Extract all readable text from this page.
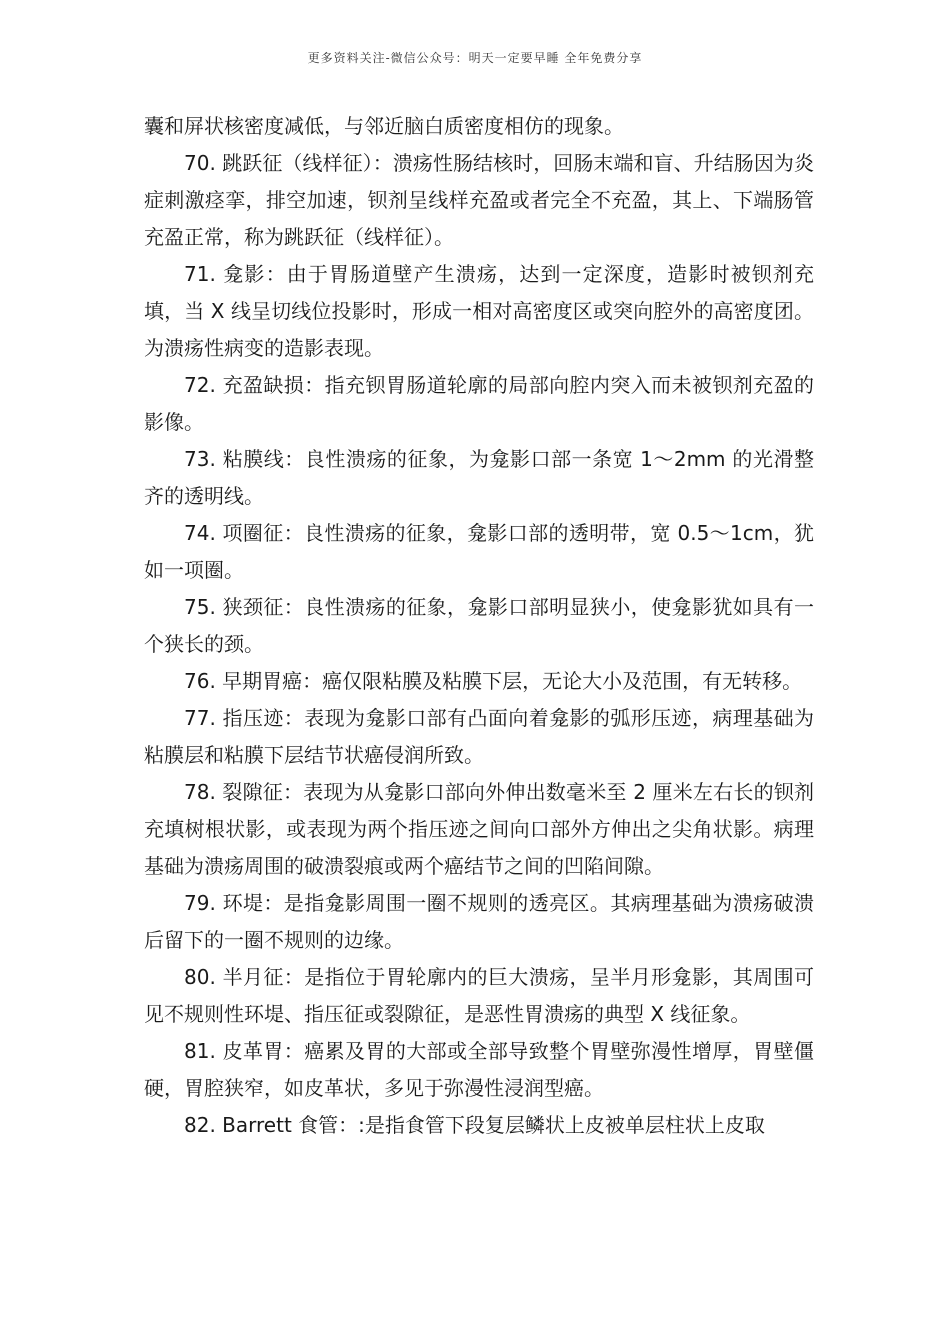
更多资料关注-微信公众号：明天一定要早睡 全年免费分享

囊和屏状核密度减低，与邻近脑白质密度相仿的现象。

70. 跳跃征（线样征）：溃疡性肠结核时，回肠末端和盲、升结肠因为炎症刺激痉挛，排空加速，钡剂呈线样充盈或者完全不充盈，其上、下端肠管充盈正常，称为跳跃征（线样征）。

71. 龛影：由于胃肠道壁产生溃疡，达到一定深度，造影时被钡剂充填，当 X 线呈切线位投影时，形成一相对高密度区或突向腔外的高密度团。为溃疡性病变的造影表现。

72. 充盈缺损：指充钡胃肠道轮廓的局部向腔内突入而未被钡剂充盈的影像。

73. 粘膜线：良性溃疡的征象，为龛影口部一条宽 1～2mm 的光滑整齐的透明线。

74. 项圈征：良性溃疡的征象，龛影口部的透明带，宽 0.5～1cm，犹如一项圈。

75. 狭颈征：良性溃疡的征象，龛影口部明显狭小，使龛影犹如具有一个狭长的颈。

76. 早期胃癌：癌仅限粘膜及粘膜下层，无论大小及范围，有无转移。

77. 指压迹：表现为龛影口部有凸面向着龛影的弧形压迹，病理基础为粘膜层和粘膜下层结节状癌侵润所致。

78. 裂隙征：表现为从龛影口部向外伸出数毫米至 2 厘米左右长的钡剂充填树根状影，或表现为两个指压迹之间向口部外方伸出之尖角状影。病理基础为溃疡周围的破溃裂痕或两个癌结节之间的凹陷间隙。

79. 环堤：是指龛影周围一圈不规则的透亮区。其病理基础为溃疡破溃后留下的一圈不规则的边缘。

80. 半月征：是指位于胃轮廓内的巨大溃疡，呈半月形龛影，其周围可见不规则性环堤、指压征或裂隙征，是恶性胃溃疡的典型 X 线征象。

81. 皮革胃：癌累及胃的大部或全部导致整个胃壁弥漫性增厚，胃壁僵硬，胃腔狭窄，如皮革状，多见于弥漫性浸润型癌。

82. Barrett 食管：:是指食管下段复层鳞状上皮被单层柱状上皮取
